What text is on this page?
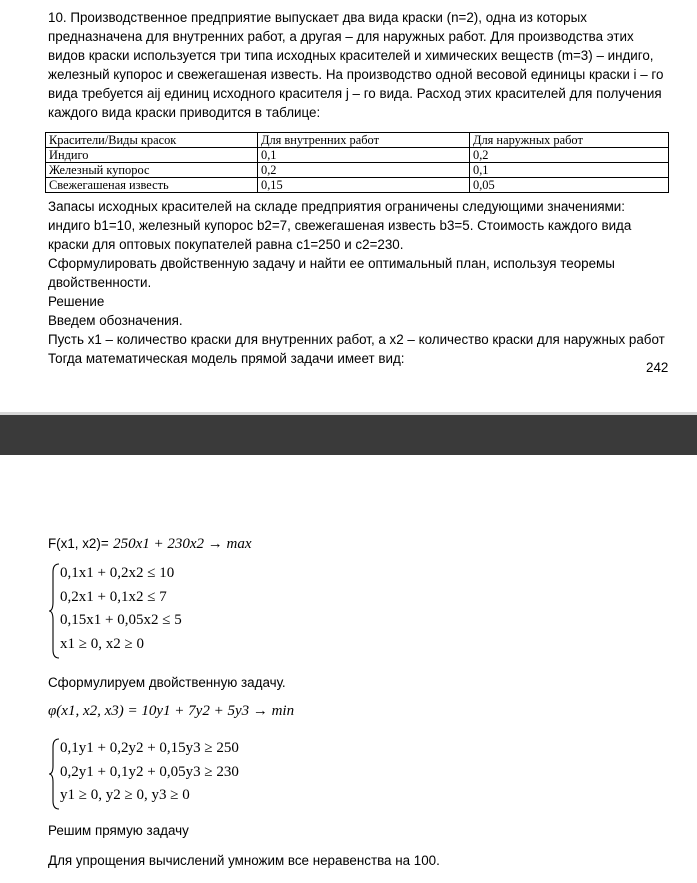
10. Производственное предприятие выпускает два вида краски (n=2), одна из которых предназначена для внутренних работ, а другая – для наружных работ. Для производства этих видов краски используется три типа исходных красителей и химических веществ (m=3) – индиго, железный купорос и свежегашеная известь. На производство одной весовой единицы краски i – го вида требуется aij единиц исходного красителя j – го вида. Расход этих красителей для получения каждого вида краски приводится в таблице:

Красители/Виды красок	Для внутренних работ	Для наружных работ
Индиго	0,1	0,2
Железный купорос	0,2	0,1
Свежегашеная известь	0,15	0,05
Запасы исходных красителей на складе предприятия ограничены следующими значениями: индиго b1=10, железный купорос b2=7, свежегашеная известь b3=5. Стоимость каждого вида краски для оптовых покупателей равна c1=250 и c2=230.
Сформулировать двойственную задачу и найти ее оптимальный план, используя теоремы двойственности.
Решение
Введем обозначения.
Пусть x1 – количество краски для внутренних работ, а x2 – количество краски для наружных работ
Тогда математическая модель прямой задачи имеет вид:
242
F(x1, x2)= 250x1 + 230x2 → max
0,1x1 + 0,2x2 ≤ 10
0,2x1 + 0,1x2 ≤ 7
0,15x1 + 0,05x2 ≤ 5
x1 ≥ 0, x2 ≥ 0
Сформулируем двойственную задачу.
φ(x1, x2, x3) = 10y1 + 7y2 + 5y3 → min
0,1y1 + 0,2y2 + 0,15y3 ≥ 250
0,2y1 + 0,1y2 + 0,05y3 ≥ 230
y1 ≥ 0, y2 ≥ 0, y3 ≥ 0
Решим прямую задачу
Для упрощения вычислений умножим все неравенства на 100.
